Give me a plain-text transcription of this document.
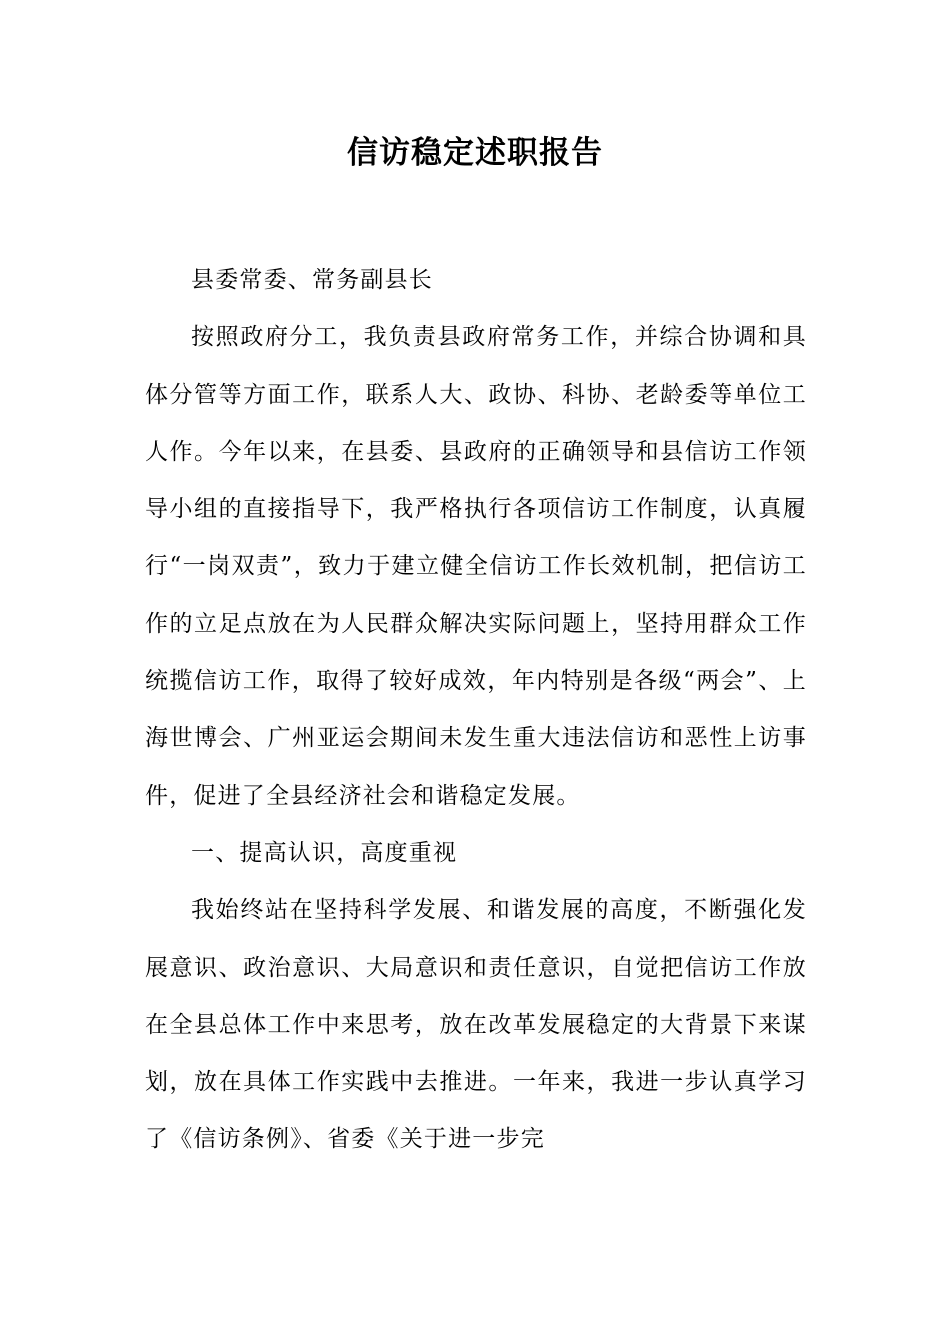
信访稳定述职报告

县委常委、常务副县长

按照政府分工，我负责县政府常务工作，并综合协调和具体分管等方面工作，联系人大、政协、科协、老龄委等单位工人作。今年以来，在县委、县政府的正确领导和县信访工作领导小组的直接指导下，我严格执行各项信访工作制度，认真履行“一岗双责”，致力于建立健全信访工作长效机制，把信访工作的立足点放在为人民群众解决实际问题上，坚持用群众工作统揽信访工作，取得了较好成效，年内特别是各级“两会”、上海世博会、广州亚运会期间未发生重大违法信访和恶性上访事件，促进了全县经济社会和谐稳定发展。

一、提高认识，高度重视

我始终站在坚持科学发展、和谐发展的高度，不断强化发展意识、政治意识、大局意识和责任意识，自觉把信访工作放在全县总体工作中来思考，放在改革发展稳定的大背景下来谋划，放在具体工作实践中去推进。一年来，我进一步认真学习了《信访条例》、省委《关于进一步完
